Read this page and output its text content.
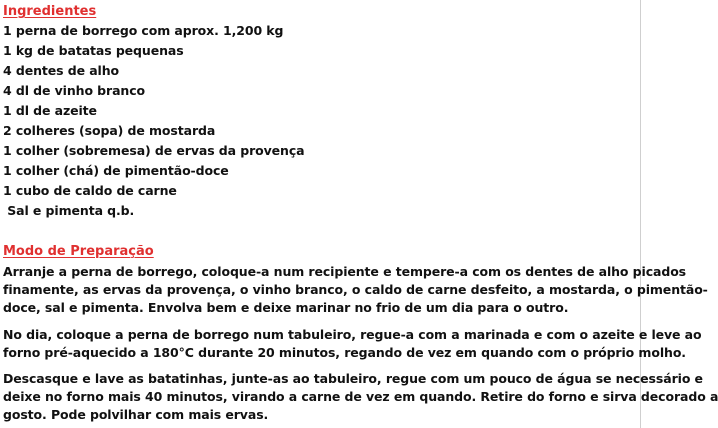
Ingredientes
1 perna de borrego com aprox. 1,200 kg
1 kg de batatas pequenas
4 dentes de alho
4 dl de vinho branco
1 dl de azeite
2 colheres (sopa) de mostarda
1 colher (sobremesa) de ervas da provença
1 colher (chá) de pimentão-doce
1 cubo de caldo de carne
Sal e pimenta q.b.
Modo de Preparação

Arranje a perna de borrego, coloque-a num recipiente e tempere-a com os dentes de alho picados
finamente, as ervas da provença, o vinho branco, o caldo de carne desfeito, a mostarda, o pimentão-
doce, sal e pimenta. Envolva bem e deixe marinar no frio de um dia para o outro.

No dia, coloque a perna de borrego num tabuleiro, regue-a com a marinada e com o azeite e leve ao
forno pré-aquecido a 180°C durante 20 minutos, regando de vez em quando com o próprio molho.

Descasque e lave as batatinhas, junte-as ao tabuleiro, regue com um pouco de água se necessário e
deixe no forno mais 40 minutos, virando a carne de vez em quando. Retire do forno e sirva decorado a
gosto. Pode polvilhar com mais ervas.
